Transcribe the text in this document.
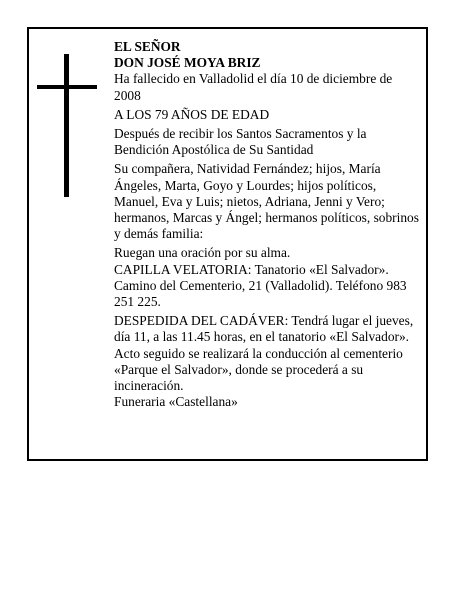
EL SEÑOR

DON JOSÉ MOYA BRIZ

Ha fallecido en Valladolid el día 10 de diciembre de 2008

A LOS 79 AÑOS DE EDAD

Después de recibir los Santos Sacramentos y la Bendición Apostólica de Su Santidad

Su compañera, Natividad Fernández; hijos, María Ángeles, Marta, Goyo y Lourdes; hijos políticos, Manuel, Eva y Luis; nietos, Adriana, Jenni y Vero; hermanos, Marcas y Ángel; hermanos políticos, sobrinos y demás familia:

Ruegan una oración por su alma.

CAPILLA VELATORIA: Tanatorio «El Salvador». Camino del Cementerio, 21 (Valladolid). Teléfono 983 251 225.

DESPEDIDA DEL CADÁVER: Tendrá lugar el jueves, día 11, a las 11.45 horas, en el tanatorio «El Salvador». Acto seguido se realizará la conducción al cementerio «Parque el Salvador», donde se procederá a su incineración.

Funeraria «Castellana»
